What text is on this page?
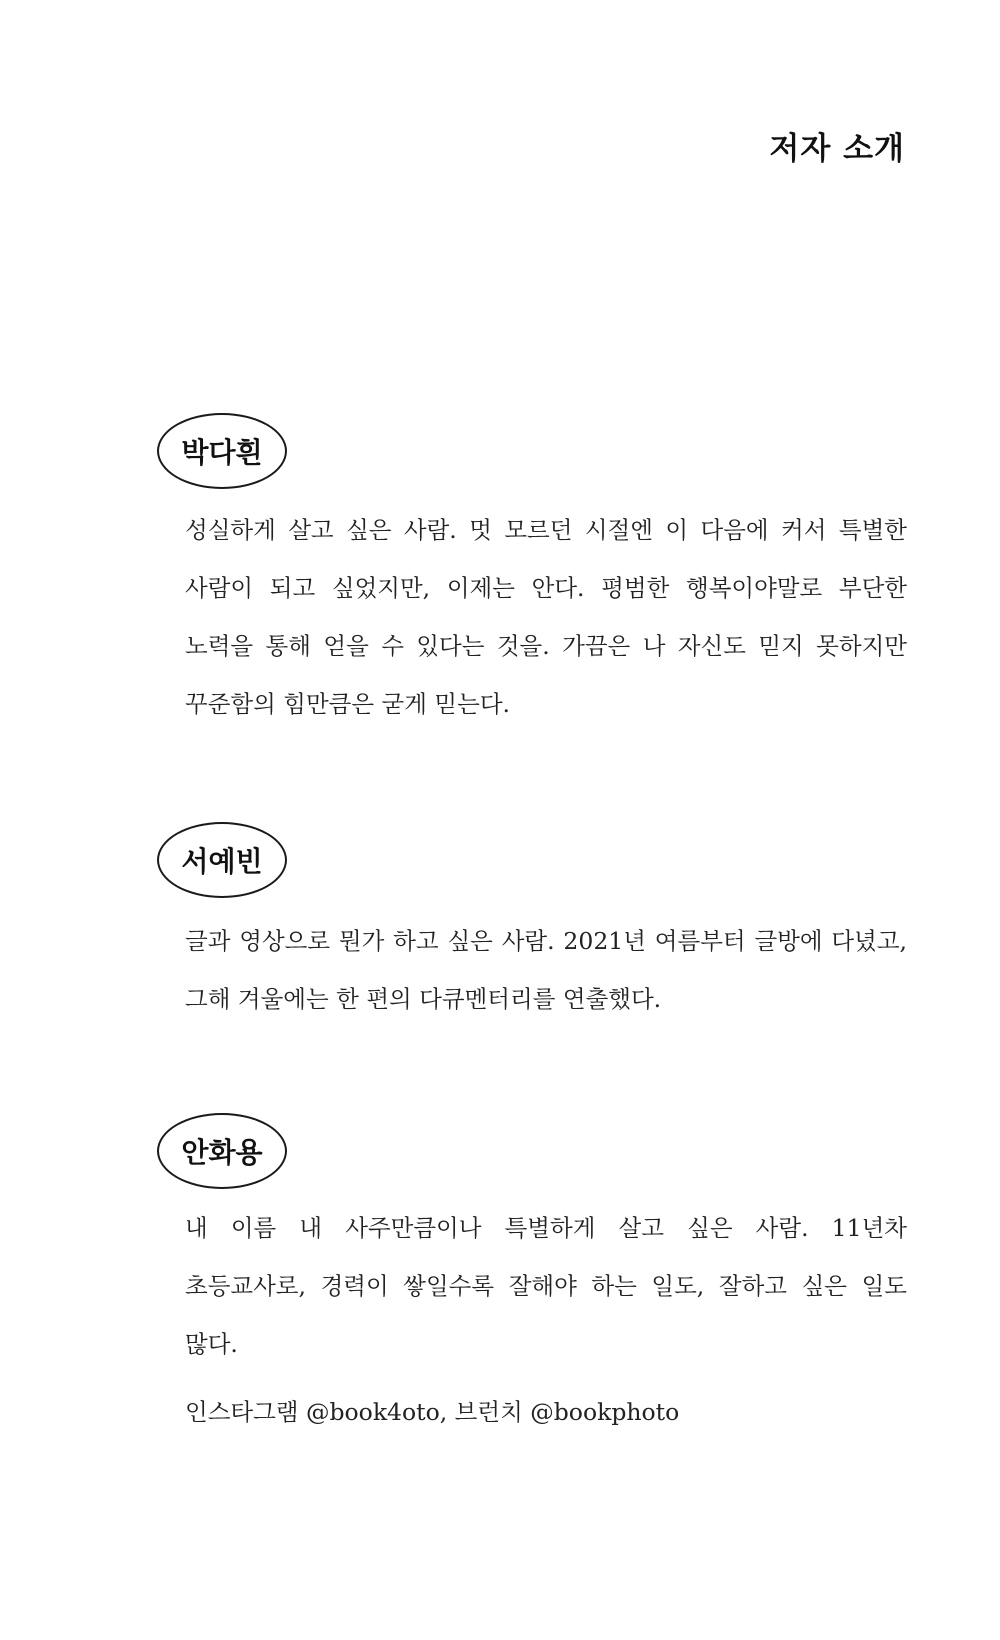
저자 소개
박다흰

성실하게 살고 싶은 사람. 멋 모르던 시절엔 이 다음에 커서 특별한 사람이 되고 싶었지만, 이제는 안다. 평범한 행복이야말로 부단한 노력을 통해 얻을 수 있다는 것을. 가끔은 나 자신도 믿지 못하지만 꾸준함의 힘만큼은 굳게 믿는다.

서예빈

글과 영상으로 뭔가 하고 싶은 사람. 2021년 여름부터 글방에 다녔고, 그해 겨울에는 한 편의 다큐멘터리를 연출했다.

안화용

내 이름 내 사주만큼이나 특별하게 살고 싶은 사람. 11년차 초등교사로, 경력이 쌓일수록 잘해야 하는 일도, 잘하고 싶은 일도 많다.

인스타그램 @book4oto, 브런치 @bookphoto
